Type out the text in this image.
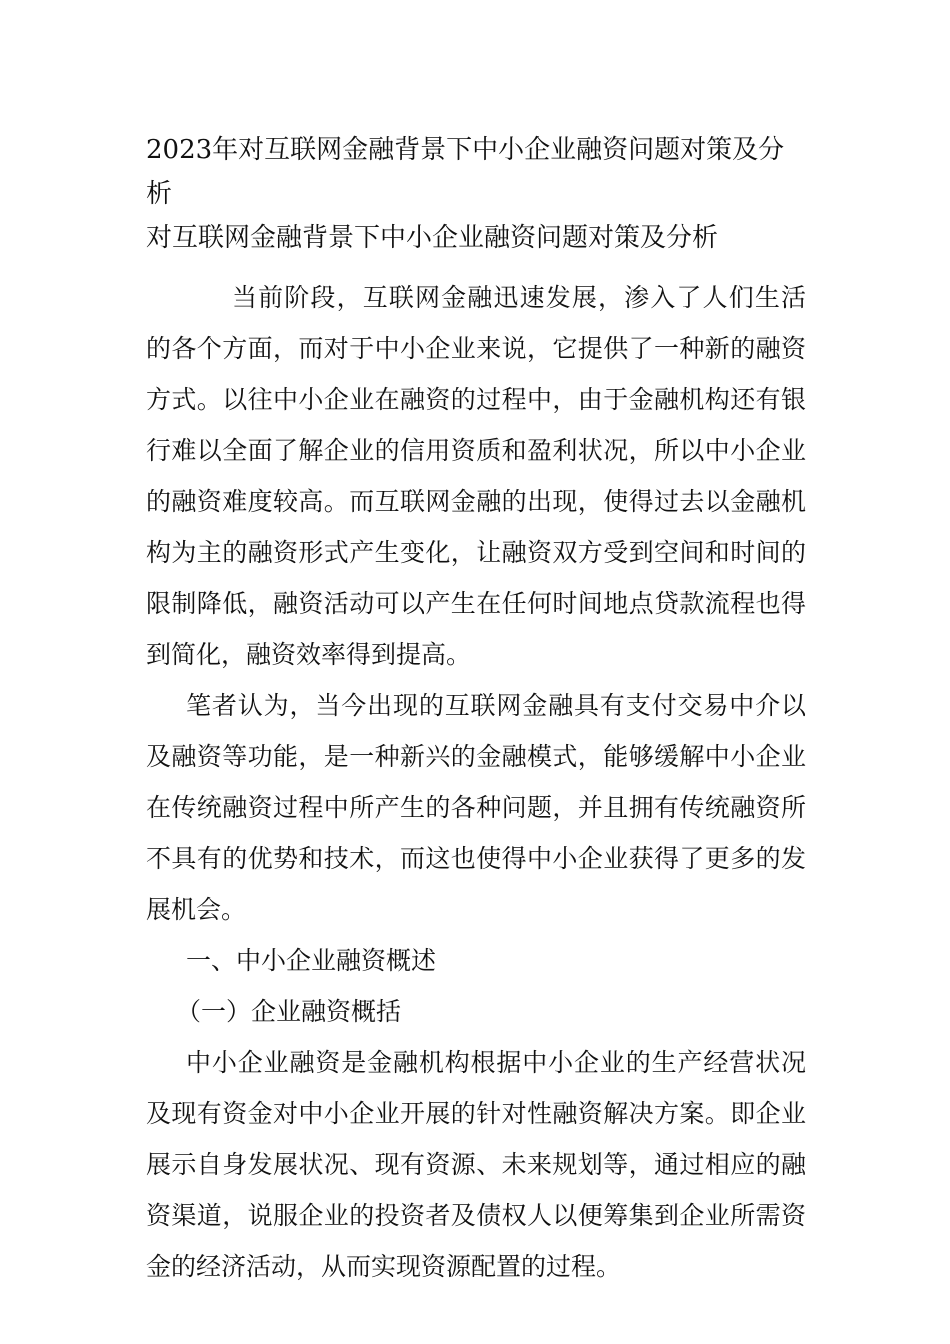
2023年对互联网金融背景下中小企业融资问题对策及分析
对互联网金融背景下中小企业融资问题对策及分析

当前阶段，互联网金融迅速发展，渗入了人们生活的各个方面，而对于中小企业来说，它提供了一种新的融资方式。以往中小企业在融资的过程中，由于金融机构还有银行难以全面了解企业的信用资质和盈利状况，所以中小企业的融资难度较高。而互联网金融的出现，使得过去以金融机构为主的融资形式产生变化，让融资双方受到空间和时间的限制降低，融资活动可以产生在任何时间地点贷款流程也得到简化，融资效率得到提高。

笔者认为，当今出现的互联网金融具有支付交易中介以及融资等功能，是一种新兴的金融模式，能够缓解中小企业在传统融资过程中所产生的各种问题，并且拥有传统融资所不具有的优势和技术，而这也使得中小企业获得了更多的发展机会。

一、中小企业融资概述
（一）企业融资概括

中小企业融资是金融机构根据中小企业的生产经营状况及现有资金对中小企业开展的针对性融资解决方案。即企业展示自身发展状况、现有资源、未来规划等，通过相应的融资渠道，说服企业的投资者及债权人以便筹集到企业所需资金的经济活动，从而实现资源配置的过程。
